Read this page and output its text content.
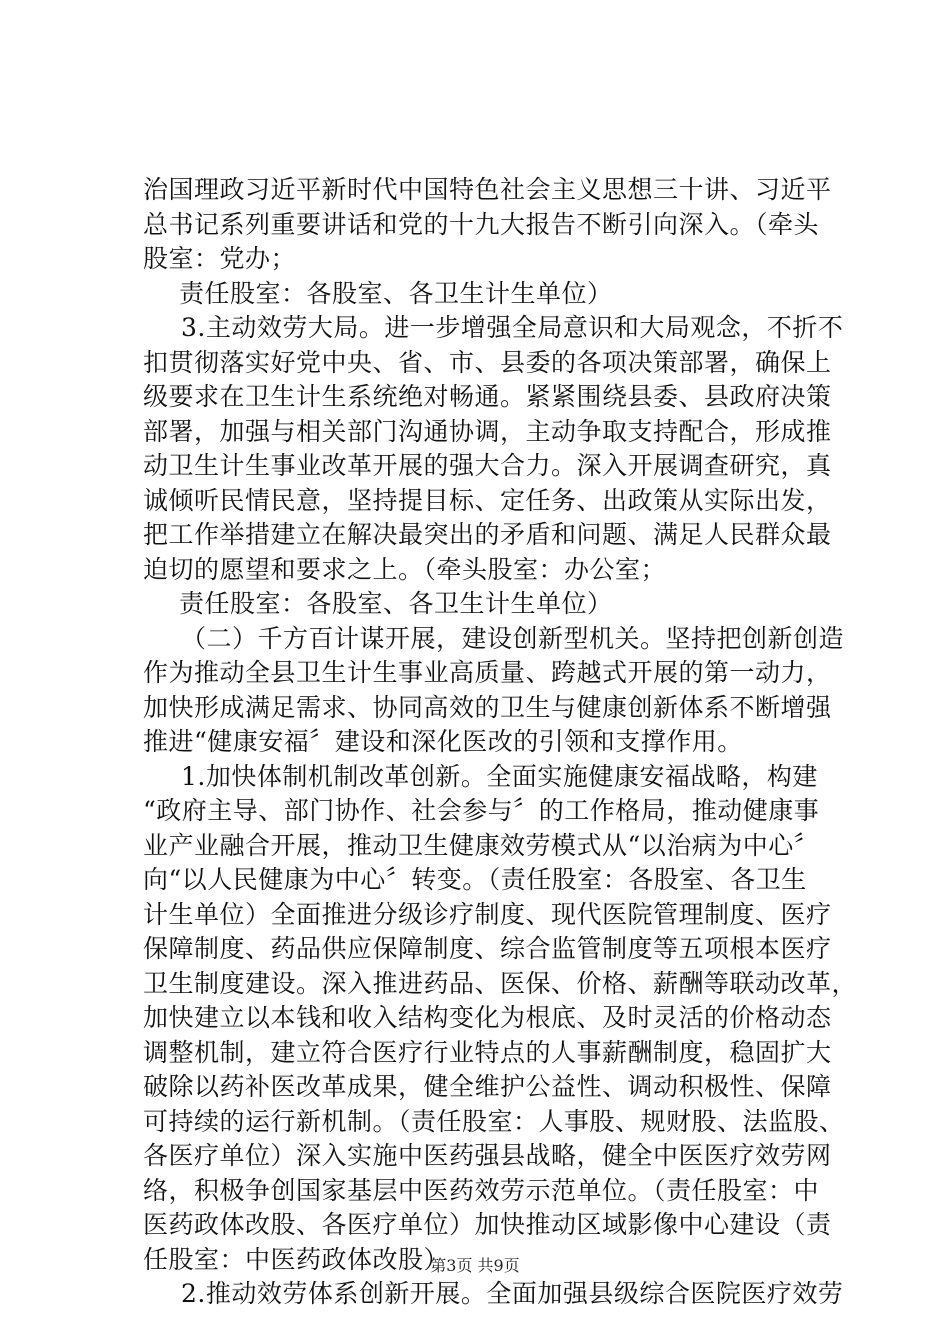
治国理政习近平新时代中国特色社会主义思想三十讲、习近平
总书记系列重要讲话和党的十九大报告不断引向深入。（牵头
股室：党办；
责任股室：各股室、各卫生计生单位）
3.主动效劳大局。进一步增强全局意识和大局观念，不折不
扣贯彻落实好党中央、省、市、县委的各项决策部署，确保上
级要求在卫生计生系统绝对畅通。紧紧围绕县委、县政府决策
部署，加强与相关部门沟通协调，主动争取支持配合，形成推
动卫生计生事业改革开展的强大合力。深入开展调查研究，真
诚倾听民情民意，坚持提目标、定任务、出政策从实际出发，
把工作举措建立在解决最突出的矛盾和问题、满足人民群众最
迫切的愿望和要求之上。（牵头股室：办公室；
责任股室：各股室、各卫生计生单位）
（二）千方百计谋开展，建设创新型机关。坚持把创新创造
作为推动全县卫生计生事业高质量、跨越式开展的第一动力，
加快形成满足需求、协同高效的卫生与健康创新体系不断增强
推进“健康安福〞建设和深化医改的引领和支撑作用。
1.加快体制机制改革创新。全面实施健康安福战略，构建
“政府主导、部门协作、社会参与〞的工作格局，推动健康事
业产业融合开展，推动卫生健康效劳模式从“以治病为中心〞
向“以人民健康为中心〞转变。（责任股室：各股室、各卫生
计生单位）全面推进分级诊疗制度、现代医院管理制度、医疗
保障制度、药品供应保障制度、综合监管制度等五项根本医疗
卫生制度建设。深入推进药品、医保、价格、薪酬等联动改革，
加快建立以本钱和收入结构变化为根底、及时灵活的价格动态
调整机制，建立符合医疗行业特点的人事薪酬制度，稳固扩大
破除以药补医改革成果，健全维护公益性、调动积极性、保障
可持续的运行新机制。（责任股室：人事股、规财股、法监股、
各医疗单位）深入实施中医药强县战略，健全中医医疗效劳网
络，积极争创国家基层中医药效劳示范单位。（责任股室：中
医药政体改股、各医疗单位）加快推动区域影像中心建设（责
任股室：中医药政体改股）
2.推动效劳体系创新开展。全面加强县级综合医院医疗效劳
第3页 共9页
